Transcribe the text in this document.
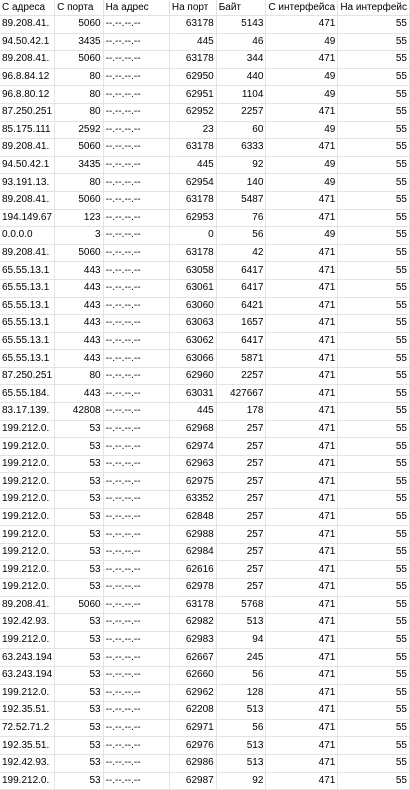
С адреса	С порта	На адрес	На порт	Байт	С интерфейса	На интерфейс
89.208.41.	5060	--.--.--.--	63178	5143	471	55
94.50.42.1	3435	--.--.--.--	445	46	49	55
89.208.41.	5060	--.--.--.--	63178	344	471	55
96.8.84.12	80	--.--.--.--	62950	440	49	55
96.8.80.12	80	--.--.--.--	62951	1104	49	55
87.250.251	80	--.--.--.--	62952	2257	471	55
85.175.111	2592	--.--.--.--	23	60	49	55
89.208.41.	5060	--.--.--.--	63178	6333	471	55
94.50.42.1	3435	--.--.--.--	445	92	49	55
93.191.13.	80	--.--.--.--	62954	140	49	55
89.208.41.	5060	--.--.--.--	63178	5487	471	55
194.149.67	123	--.--.--.--	62953	76	471	55
0.0.0.0	3	--.--.--.--	0	56	49	55
89.208.41.	5060	--.--.--.--	63178	42	471	55
65.55.13.1	443	--.--.--.--	63058	6417	471	55
65.55.13.1	443	--.--.--.--	63061	6417	471	55
65.55.13.1	443	--.--.--.--	63060	6421	471	55
65.55.13.1	443	--.--.--.--	63063	1657	471	55
65.55.13.1	443	--.--.--.--	63062	6417	471	55
65.55.13.1	443	--.--.--.--	63066	5871	471	55
87.250.251	80	--.--.--.--	62960	2257	471	55
65.55.184.	443	--.--.--.--	63031	427667	471	55
83.17.139.	42808	--.--.--.--	445	178	471	55
199.212.0.	53	--.--.--.--	62968	257	471	55
199.212.0.	53	--.--.--.--	62974	257	471	55
199.212.0.	53	--.--.--.--	62963	257	471	55
199.212.0.	53	--.--.--.--	62975	257	471	55
199.212.0.	53	--.--.--.--	63352	257	471	55
199.212.0.	53	--.--.--.--	62848	257	471	55
199.212.0.	53	--.--.--.--	62988	257	471	55
199.212.0.	53	--.--.--.--	62984	257	471	55
199.212.0.	53	--.--.--.--	62616	257	471	55
199.212.0.	53	--.--.--.--	62978	257	471	55
89.208.41.	5060	--.--.--.--	63178	5768	471	55
192.42.93.	53	--.--.--.--	62982	513	471	55
199.212.0.	53	--.--.--.--	62983	94	471	55
63.243.194	53	--.--.--.--	62667	245	471	55
63.243.194	53	--.--.--.--	62660	56	471	55
199.212.0.	53	--.--.--.--	62962	128	471	55
192.35.51.	53	--.--.--.--	62208	513	471	55
72.52.71.2	53	--.--.--.--	62971	56	471	55
192.35.51.	53	--.--.--.--	62976	513	471	55
192.42.93.	53	--.--.--.--	62986	513	471	55
199.212.0.	53	--.--.--.--	62987	92	471	55
